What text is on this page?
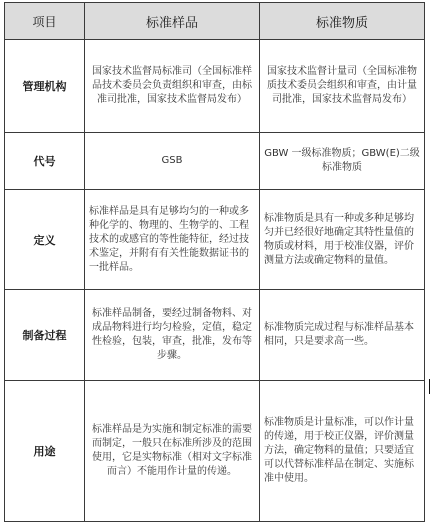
项目	标准样品	标准物质
管理机构	国家技术监督局标准司（全国标准样品技术委员会负责组织和审查，由标准司批准，国家技术监督局发布）	国家技术监督计量司（全国标准物质技术委员会组织和审查，由计量司批准，国家技术监督局发布）
代号	GSB	GBW 一级标准物质；GBW(E)二级标准物质
定义	标准样品是具有足够均匀的一种或多种化学的、物理的、生物学的、工程技术的或感官的等性能特征，经过技术鉴定，并附有有关性能数据证书的一批样品。	标准物质是具有一种或多种足够均匀并已经很好地确定其特性量值的物质或材料，用于校准仪器，评价测量方法或确定物料的量值。
制备过程	标准样品制备，要经过制备物料、对成品物料进行均匀检验，定值，稳定性检验，包装，审查，批准，发布等步骤。	标准物质完成过程与标准样品基本相同，只是要求高一些。
用途	标准样品是为实施和制定标准的需要而制定，一般只在标准所涉及的范围使用，它是实物标准（相对文字标准而言）不能用作计量的传递。	标准物质是计量标准，可以作计量的传递，用于校正仪器，评价测量方法，确定物料的量值；只要适宜可以代替标准样品在制定、实施标准中使用。
